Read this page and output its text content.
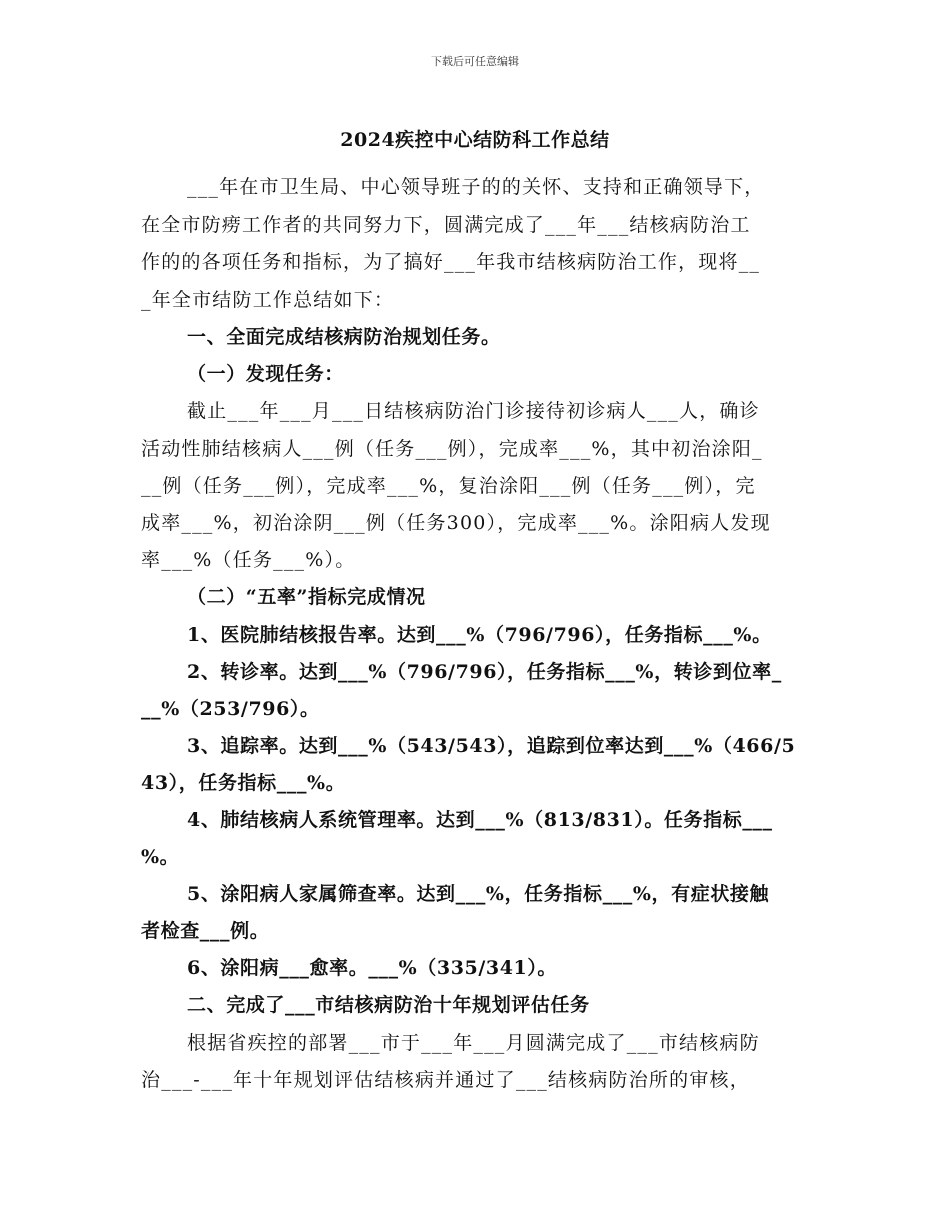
下载后可任意编辑
2024疾控中心结防科工作总结
___年在市卫生局、中心领导班子的的关怀、支持和正确领导下，
在全市防痨工作者的共同努力下，圆满完成了___年___结核病防治工
作的的各项任务和指标，为了搞好___年我市结核病防治工作，现将__
_年全市结防工作总结如下：
一、全面完成结核病防治规划任务。
（一）发现任务：
截止___年___月___日结核病防治门诊接待初诊病人___人，确诊
活动性肺结核病人___例（任务___例），完成率___%，其中初治涂阳_
__例（任务___例），完成率___%，复治涂阳___例（任务___例），完
成率___%，初治涂阴___例（任务300），完成率___%。涂阳病人发现
率___%（任务___%）。
（二）“五率”指标完成情况
1、医院肺结核报告率。达到___%（796/796），任务指标___%。
2、转诊率。达到___%（796/796），任务指标___%，转诊到位率_
__%（253/796）。
3、追踪率。达到___%（543/543），追踪到位率达到___%（466/5
43），任务指标___%。
4、肺结核病人系统管理率。达到___%（813/831）。任务指标___
%。
5、涂阳病人家属筛查率。达到___%，任务指标___%，有症状接触
者检查___例。
6、涂阳病___愈率。___%（335/341）。
二、完成了___市结核病防治十年规划评估任务
根据省疾控的部署___市于___年___月圆满完成了___市结核病防
治___-___年十年规划评估结核病并通过了___结核病防治所的审核，
